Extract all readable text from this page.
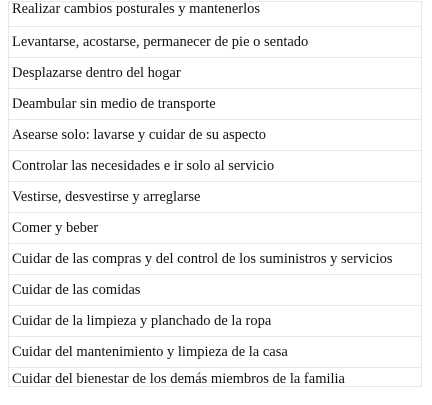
Realizar cambios posturales y mantenerlos
Levantarse, acostarse, permanecer de pie o sentado
Desplazarse dentro del hogar
Deambular sin medio de transporte
Asearse solo: lavarse y cuidar de su aspecto
Controlar las necesidades e ir solo al servicio
Vestirse, desvestirse y arreglarse
Comer y beber
Cuidar de las compras y del control de los suministros y servicios
Cuidar de las comidas
Cuidar de la limpieza y planchado de la ropa
Cuidar del mantenimiento y limpieza de la casa
Cuidar del bienestar de los demás miembros de la familia
